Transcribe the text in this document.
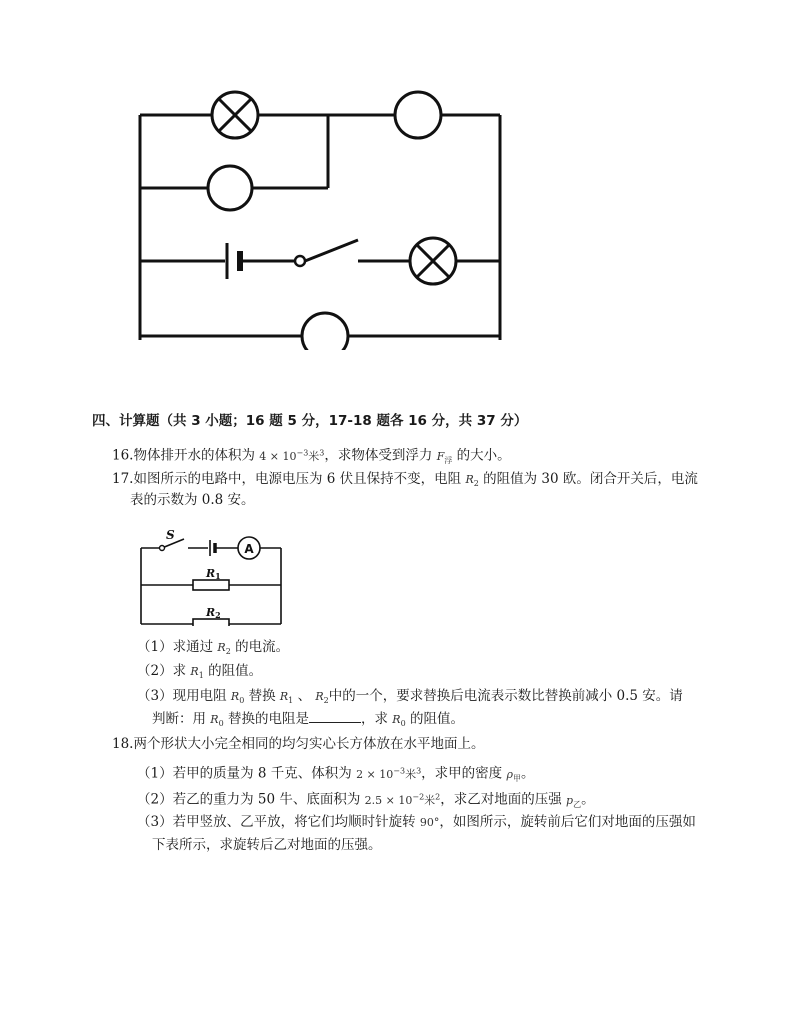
四、计算题（共 3 小题；16 题 5 分，17-18 题各 16 分，共 37 分）
16.物体排开水的体积为 $4 \times 10^{-3}$米$^3$，求物体受到浮力 $F_浮$ 的大小。
17.如图所示的电路中，电源电压为 6 伏且保持不变，电阻 $R_2$ 的阻值为 30 欧。闭合开关后，电流
表的示数为 0.8 安。
A
S
R1
R2
（1）求通过 $R_2$ 的电流。
（2）求 $R_1$ 的阻值。
（3）现用电阻 $R_0$ 替换 $R_1$ 、 $R_2$中的一个，要求替换后电流表示数比替换前减小 0.5 安。请
判断：用 $R_0$ 替换的电阻是	，求 $R_0$ 的阻值。
18.两个形状大小完全相同的均匀实心长方体放在水平地面上。
（1）若甲的质量为 8 千克、体积为 $2 \times 10^{-3}$米$^3$，求甲的密度 $\rho_甲$。
（2）若乙的重力为 50 牛、底面积为 $2.5 \times 10^{-2}$米$^2$，求乙对地面的压强 $p_乙$。
（3）若甲竖放、乙平放，将它们均顺时针旋转 90°，如图所示，旋转前后它们对地面的压强如
下表所示，求旋转后乙对地面的压强。
